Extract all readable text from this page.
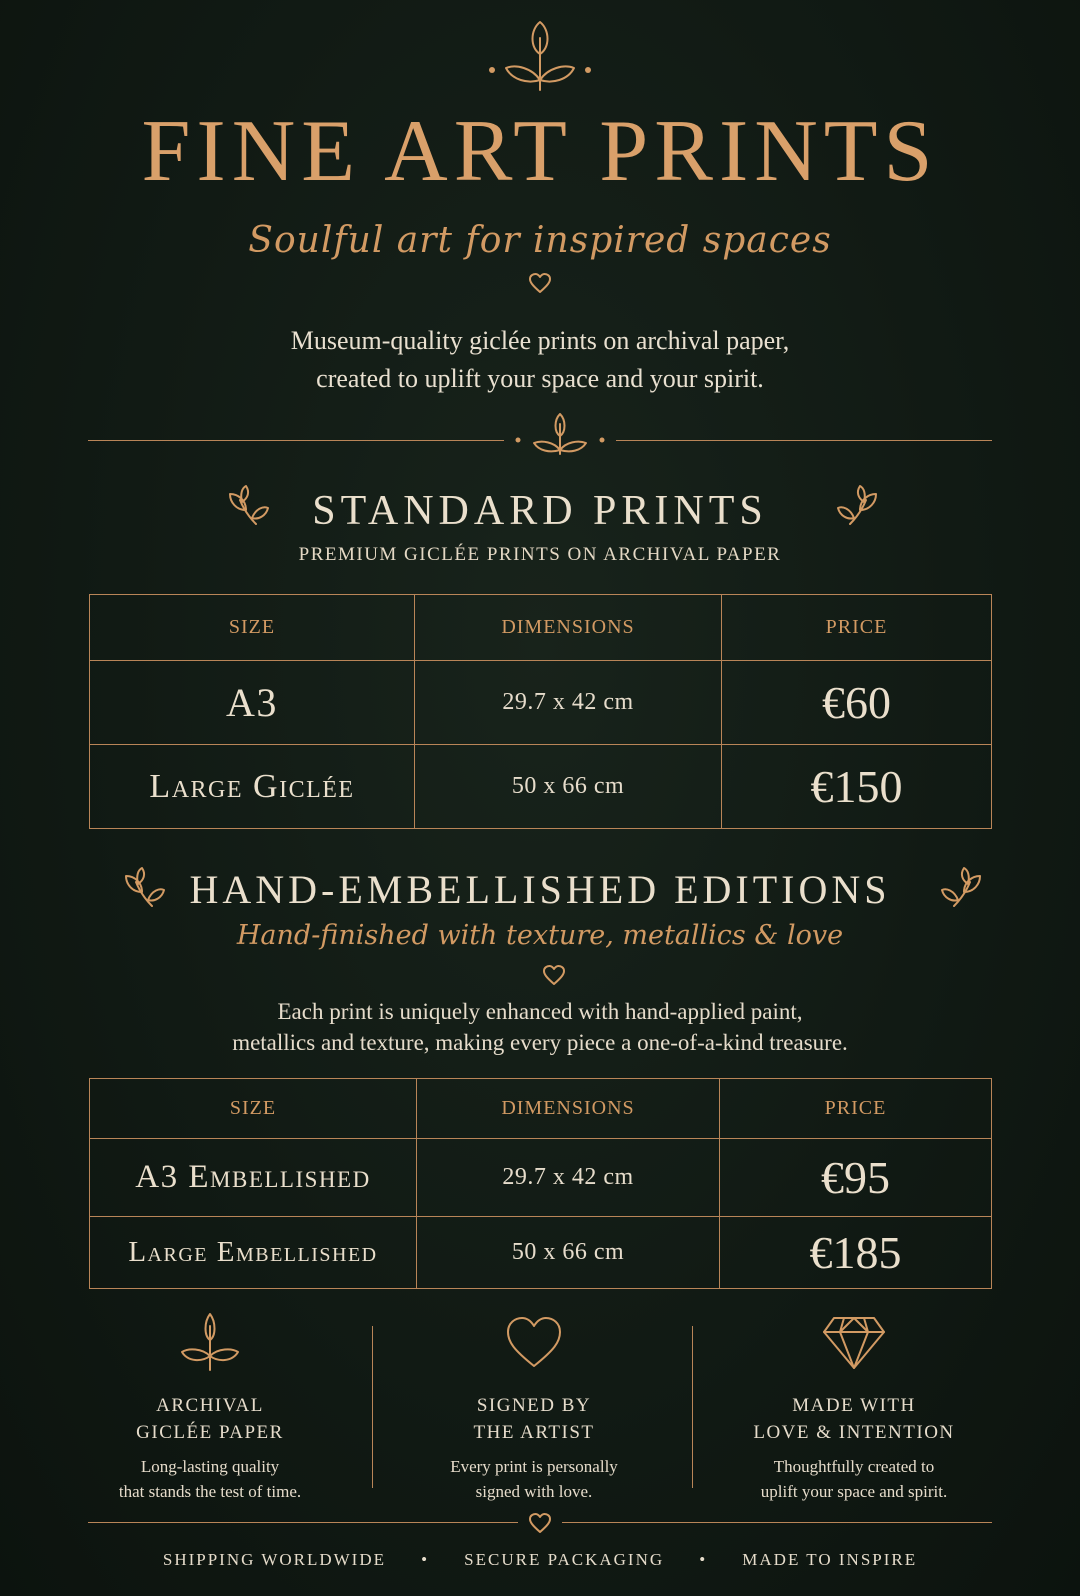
FINE ART PRINTS
Soulful art for inspired spaces
Museum-quality giclée prints on archival paper,
created to uplift your space and your spirit.
STANDARD PRINTS
PREMIUM GICLÉE PRINTS ON ARCHIVAL PAPER
SIZE	DIMENSIONS	PRICE
A3	29.7 x 42 cm	€60
Large Giclée	50 x 66 cm	€150
HAND-EMBELLISHED EDITIONS
Hand-finished with texture, metallics & love
Each print is uniquely enhanced with hand-applied paint,
metallics and texture, making every piece a one-of-a-kind treasure.
SIZE	DIMENSIONS	PRICE
A3 Embellished	29.7 x 42 cm	€95
Large Embellished	50 x 66 cm	€185
ARCHIVAL
GICLÉE PAPER
Long-lasting quality
that stands the test of time.
SIGNED BY
THE ARTIST
Every print is personally
signed with love.
MADE WITH
LOVE & INTENTION
Thoughtfully created to
uplift your space and spirit.
SHIPPING WORLDWIDE • SECURE PACKAGING • MADE TO INSPIRE
